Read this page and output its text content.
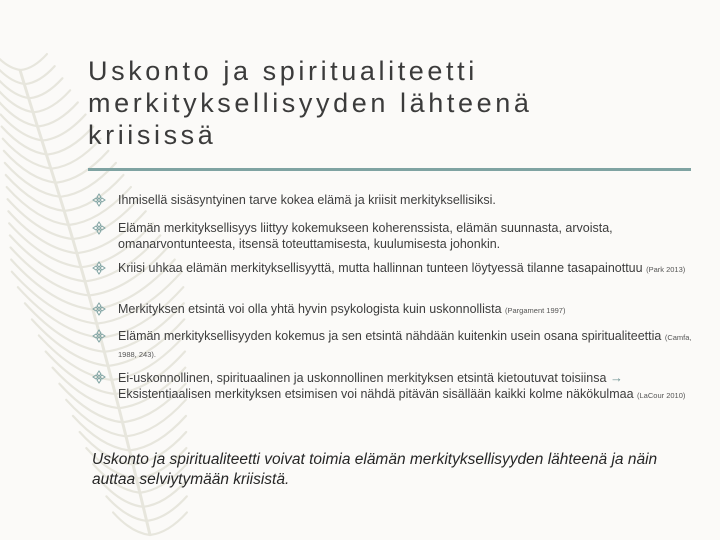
Uskonto ja spiritualiteetti
merkityksellisyyden lähteenä
kriisissä
Ihmisellä sisäsyntyinen tarve kokea elämä ja kriisit merkityksellisiksi.
Elämän merkityksellisyys liittyy kokemukseen koherenssista, elämän suunnasta, arvoista, omanarvontunteesta, itsensä toteuttamisesta, kuulumisesta johonkin.
Kriisi uhkaa elämän merkityksellisyyttä, mutta hallinnan tunteen löytyessä tilanne tasapainottuu (Park 2013)
Merkityksen etsintä voi olla yhtä hyvin psykologista kuin uskonnollista (Pargament 1997)
Elämän merkityksellisyyden kokemus ja sen etsintä nähdään kuitenkin usein osana spiritualiteettia (Camfa, 1988, 243).
Ei-uskonnollinen, spirituaalinen ja uskonnollinen merkityksen etsintä kietoutuvat toisiinsa →
Eksistentiaalisen merkityksen etsimisen voi nähdä pitävän sisällään kaikki kolme näkökulmaa (LaCour 2010)

Uskonto ja spiritualiteetti voivat toimia elämän merkityksellisyyden lähteenä ja näin auttaa selviytymään kriisistä.
